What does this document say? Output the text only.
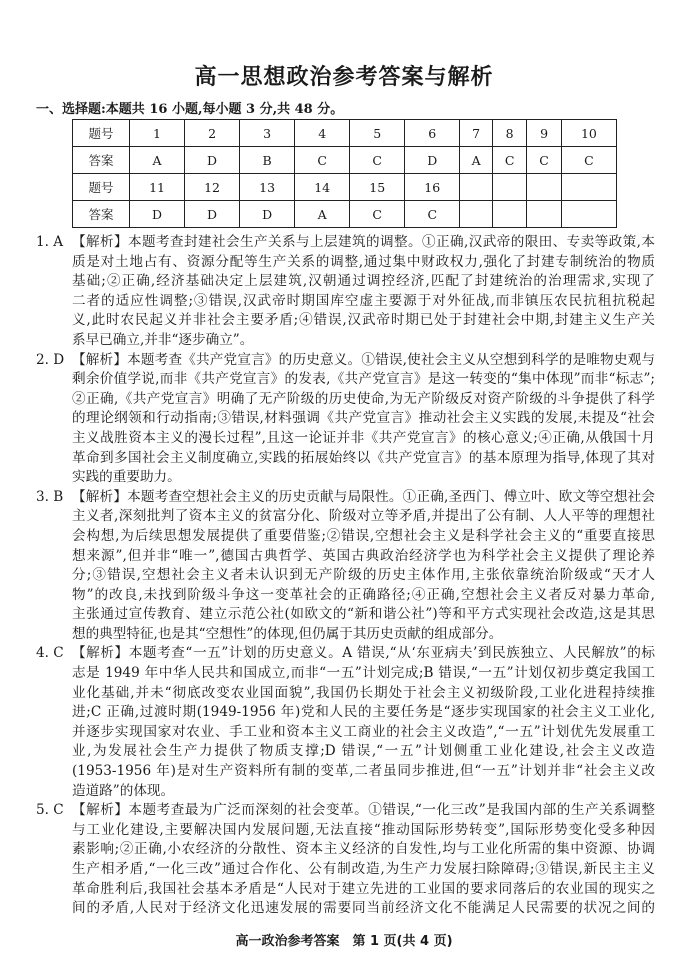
高一思想政治参考答案与解析
一、选择题:本题共 16 小题,每小题 3 分,共 48 分。
题号	1	2	3	4	5	6	7	8	9	10
答案	A	D	B	C	C	D	A	C	C	C
题号	11	12	13	14	15	16				
答案	D	D	D	A	C	C				
1. A 【解析】本题考查封建社会生产关系与上层建筑的调整。①正确,汉武帝的限田、专卖等政策,本
质是对土地占有、资源分配等生产关系的调整,通过集中财政权力,强化了封建专制统治的物质
基础;②正确,经济基础决定上层建筑,汉朝通过调控经济,匹配了封建统治的治理需求,实现了
二者的适应性调整;③错误,汉武帝时期国库空虚主要源于对外征战,而非镇压农民抗租抗税起
义,此时农民起义并非社会主要矛盾;④错误,汉武帝时期已处于封建社会中期,封建主义生产关
系早已确立,并非“逐步确立”。
2. D 【解析】本题考查《共产党宣言》的历史意义。①错误,使社会主义从空想到科学的是唯物史观与
剩余价值学说,而非《共产党宣言》的发表,《共产党宣言》是这一转变的“集中体现”而非“标志”;
②正确,《共产党宣言》明确了无产阶级的历史使命,为无产阶级反对资产阶级的斗争提供了科学
的理论纲领和行动指南;③错误,材料强调《共产党宣言》推动社会主义实践的发展,未提及“社会
主义战胜资本主义的漫长过程”,且这一论证并非《共产党宣言》的核心意义;④正确,从俄国十月
革命到多国社会主义制度确立,实践的拓展始终以《共产党宣言》的基本原理为指导,体现了其对
实践的重要助力。
3. B 【解析】本题考查空想社会主义的历史贡献与局限性。①正确,圣西门、傅立叶、欧文等空想社会
主义者,深刻批判了资本主义的贫富分化、阶级对立等矛盾,并提出了公有制、人人平等的理想社
会构想,为后续思想发展提供了重要借鉴;②错误,空想社会主义是科学社会主义的“重要直接思
想来源”,但并非“唯一”,德国古典哲学、英国古典政治经济学也为科学社会主义提供了理论养
分;③错误,空想社会主义者未认识到无产阶级的历史主体作用,主张依靠统治阶级或“天才人
物”的改良,未找到阶级斗争这一变革社会的正确路径;④正确,空想社会主义者反对暴力革命,
主张通过宣传教育、建立示范公社(如欧文的“新和谐公社”)等和平方式实现社会改造,这是其思
想的典型特征,也是其“空想性”的体现,但仍属于其历史贡献的组成部分。
4. C 【解析】本题考查“一五”计划的历史意义。A 错误,“从‘东亚病夫’到民族独立、人民解放”的标
志是 1949 年中华人民共和国成立,而非“一五”计划完成;B 错误,“一五”计划仅初步奠定我国工
业化基础,并未“彻底改变农业国面貌”,我国仍长期处于社会主义初级阶段,工业化进程持续推
进;C 正确,过渡时期(1949-1956 年)党和人民的主要任务是“逐步实现国家的社会主义工业化,
并逐步实现国家对农业、手工业和资本主义工商业的社会主义改造”,“一五”计划优先发展重工
业,为发展社会生产力提供了物质支撑;D 错误,“一五”计划侧重工业化建设,社会主义改造
(1953-1956 年)是对生产资料所有制的变革,二者虽同步推进,但“一五”计划并非“社会主义改
造道路”的体现。
5. C 【解析】本题考查最为广泛而深刻的社会变革。①错误,“一化三改”是我国内部的生产关系调整
与工业化建设,主要解决国内发展问题,无法直接“推动国际形势转变”,国际形势变化受多种因
素影响;②正确,小农经济的分散性、资本主义经济的自发性,均与工业化所需的集中资源、协调
生产相矛盾,“一化三改”通过合作化、公有制改造,为生产力发展扫除障碍;③错误,新民主主义
革命胜利后,我国社会基本矛盾是“人民对于建立先进的工业国的要求同落后的农业国的现实之
间的矛盾,人民对于经济文化迅速发展的需要同当前经济文化不能满足人民需要的状况之间的
高一政治参考答案　第 1 页(共 4 页)
